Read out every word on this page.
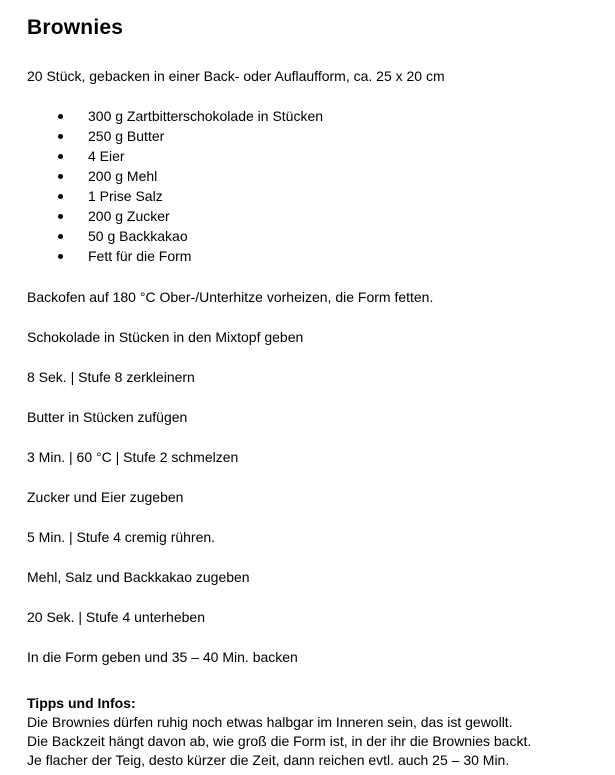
Brownies

20 Stück, gebacken in einer Back- oder Auflaufform, ca. 25 x 20 cm

300 g Zartbitterschokolade in Stücken
250 g Butter
4 Eier
200 g Mehl
1 Prise Salz
200 g Zucker
50 g Backkakao
Fett für die Form

Backofen auf 180 °C Ober-/Unterhitze vorheizen, die Form fetten.

Schokolade in Stücken in den Mixtopf geben

8 Sek. | Stufe 8 zerkleinern

Butter in Stücken zufügen

3 Min. | 60 °C | Stufe 2 schmelzen

Zucker und Eier zugeben

5 Min. | Stufe 4 cremig rühren.

Mehl, Salz und Backkakao zugeben

20 Sek. | Stufe 4 unterheben

In die Form geben und 35 – 40 Min. backen

Tipps und Infos:

Die Brownies dürfen ruhig noch etwas halbgar im Inneren sein, das ist gewollt.
Die Backzeit hängt davon ab, wie groß die Form ist, in der ihr die Brownies backt.
Je flacher der Teig, desto kürzer die Zeit, dann reichen evtl. auch 25 – 30 Min.
